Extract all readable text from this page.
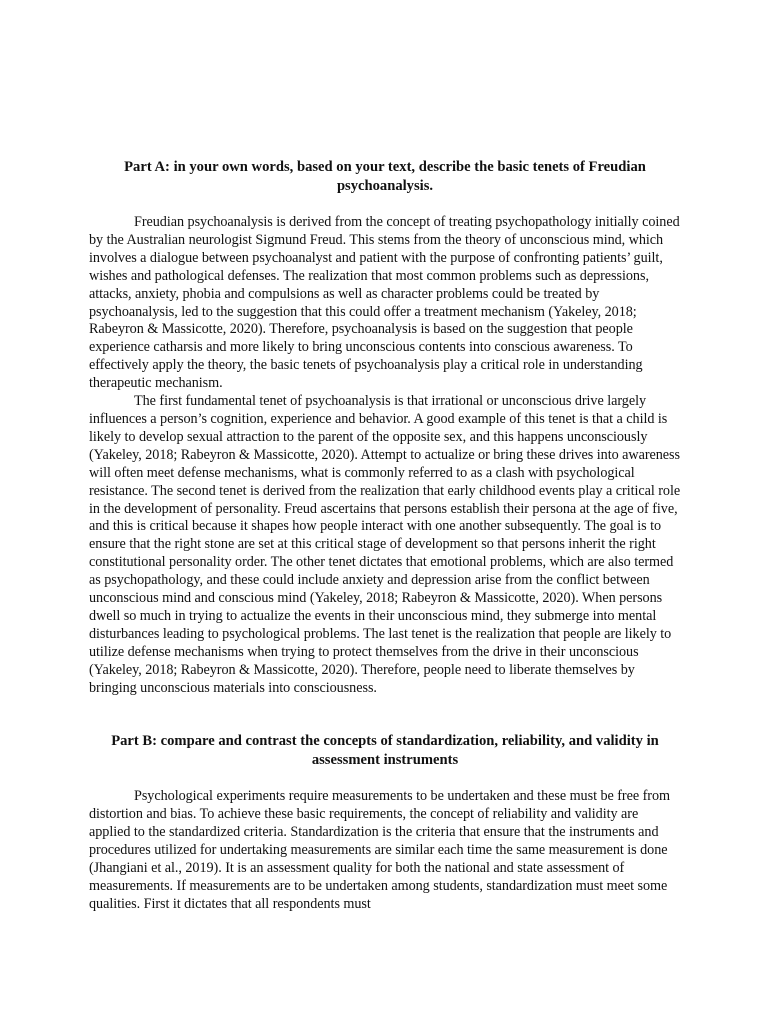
Part A: in your own words, based on your text, describe the basic tenets of Freudian psychoanalysis.

Freudian psychoanalysis is derived from the concept of treating psychopathology initially coined by the Australian neurologist Sigmund Freud. This stems from the theory of unconscious mind, which involves a dialogue between psychoanalyst and patient with the purpose of confronting patients’ guilt, wishes and pathological defenses. The realization that most common problems such as depressions, attacks, anxiety, phobia and compulsions as well as character problems could be treated by psychoanalysis, led to the suggestion that this could offer a treatment mechanism (Yakeley, 2018; Rabeyron & Massicotte, 2020). Therefore, psychoanalysis is based on the suggestion that people experience catharsis and more likely to bring unconscious contents into conscious awareness. To effectively apply the theory, the basic tenets of psychoanalysis play a critical role in understanding therapeutic mechanism.

The first fundamental tenet of psychoanalysis is that irrational or unconscious drive largely influences a person’s cognition, experience and behavior. A good example of this tenet is that a child is likely to develop sexual attraction to the parent of the opposite sex, and this happens unconsciously (Yakeley, 2018; Rabeyron & Massicotte, 2020). Attempt to actualize or bring these drives into awareness will often meet defense mechanisms, what is commonly referred to as a clash with psychological resistance. The second tenet is derived from the realization that early childhood events play a critical role in the development of personality. Freud ascertains that persons establish their persona at the age of five, and this is critical because it shapes how people interact with one another subsequently. The goal is to ensure that the right stone are set at this critical stage of development so that persons inherit the right constitutional personality order. The other tenet dictates that emotional problems, which are also termed as psychopathology, and these could include anxiety and depression arise from the conflict between unconscious mind and conscious mind (Yakeley, 2018; Rabeyron & Massicotte, 2020). When persons dwell so much in trying to actualize the events in their unconscious mind, they submerge into mental disturbances leading to psychological problems. The last tenet is the realization that people are likely to utilize defense mechanisms when trying to protect themselves from the drive in their unconscious (Yakeley, 2018; Rabeyron & Massicotte, 2020). Therefore, people need to liberate themselves by bringing unconscious materials into consciousness.

Part B: compare and contrast the concepts of standardization, reliability, and validity in assessment instruments

Psychological experiments require measurements to be undertaken and these must be free from distortion and bias. To achieve these basic requirements, the concept of reliability and validity are applied to the standardized criteria. Standardization is the criteria that ensure that the instruments and procedures utilized for undertaking measurements are similar each time the same measurement is done (Jhangiani et al., 2019). It is an assessment quality for both the national and state assessment of measurements. If measurements are to be undertaken among students, standardization must meet some qualities. First it dictates that all respondents must
